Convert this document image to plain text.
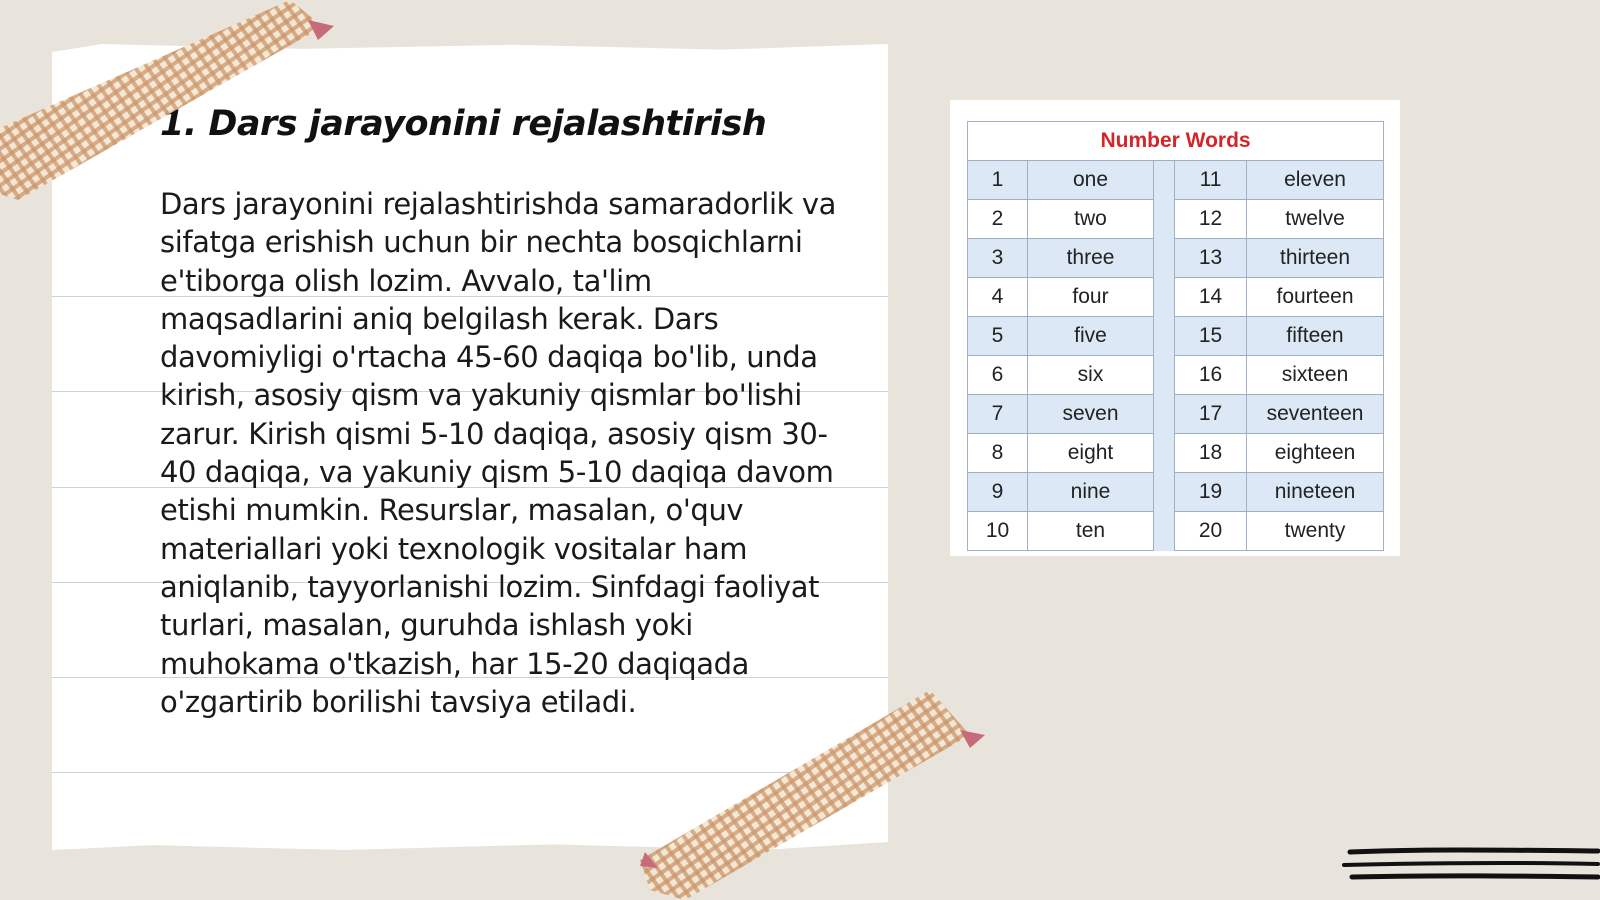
1. Dars jarayonini rejalashtirish

Dars jarayonini rejalashtirishda samaradorlik va sifatga erishish uchun bir nechta bosqichlarni e'tiborga olish lozim. Avvalo, ta'lim maqsadlarini aniq belgilash kerak. Dars davomiyligi o'rtacha 45-60 daqiqa bo'lib, unda kirish, asosiy qism va yakuniy qismlar bo'lishi zarur. Kirish qismi 5-10 daqiqa, asosiy qism 30-40 daqiqa, va yakuniy qism 5-10 daqiqa davom etishi mumkin. Resurslar, masalan, o'quv materiallari yoki texnologik vositalar ham aniqlanib, tayyorlanishi lozim. Sinfdagi faoliyat turlari, masalan, guruhda ishlash yoki muhokama o'tkazish, har 15-20 daqiqada o'zgartirib borilishi tavsiya etiladi.

Number Words				
1	one		11	eleven
2	two		12	twelve
3	three		13	thirteen
4	four		14	fourteen
5	five		15	fifteen
6	six		16	sixteen
7	seven		17	seventeen
8	eight		18	eighteen
9	nine		19	nineteen
10	ten		20	twenty
